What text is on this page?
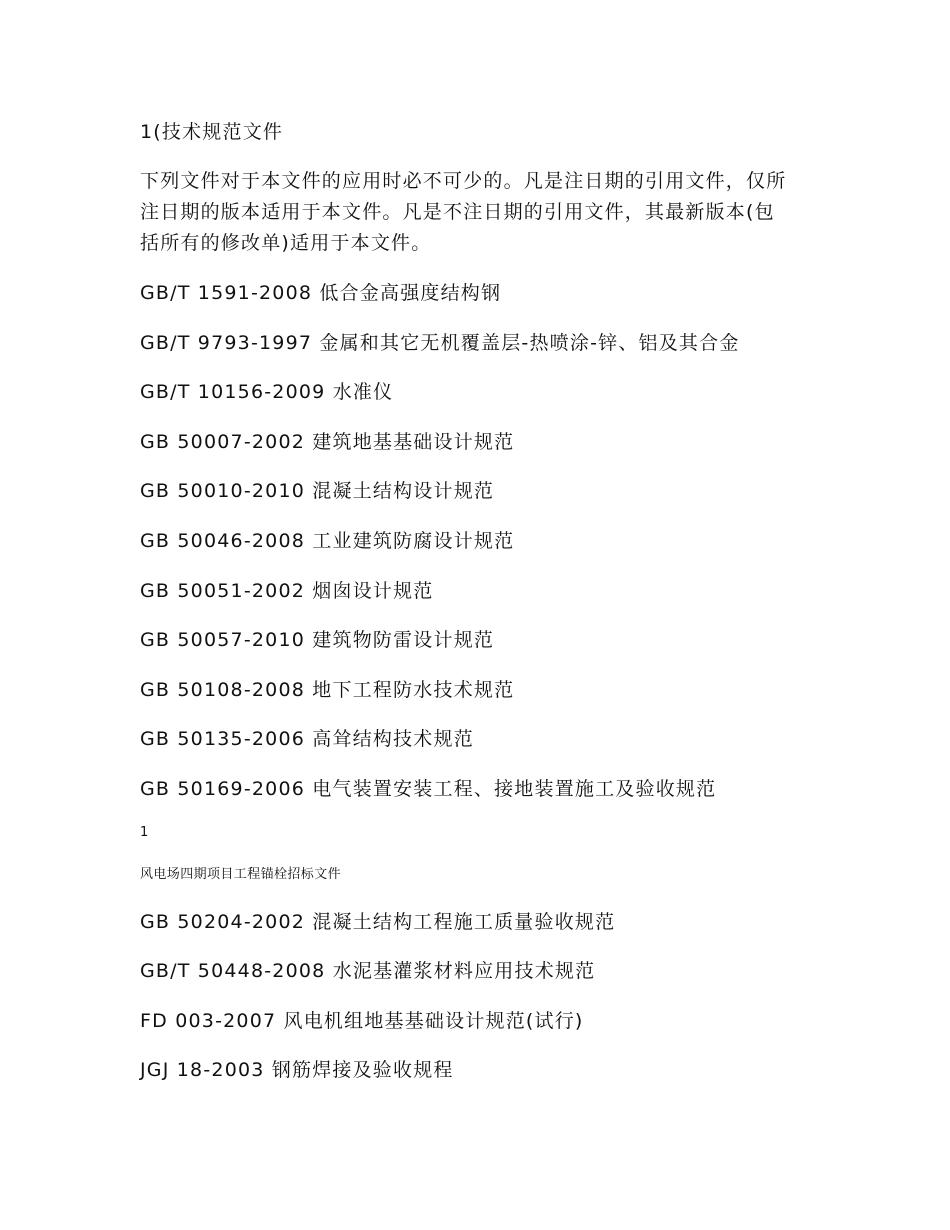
1(技术规范文件
下列文件对于本文件的应用时必不可少的。凡是注日期的引用文件，仅所
注日期的版本适用于本文件。凡是不注日期的引用文件，其最新版本(包
括所有的修改单)适用于本文件。
GB/T 1591-2008 低合金高强度结构钢
GB/T 9793-1997 金属和其它无机覆盖层-热喷涂-锌、铝及其合金
GB/T 10156-2009 水准仪
GB 50007-2002 建筑地基基础设计规范
GB 50010-2010 混凝土结构设计规范
GB 50046-2008 工业建筑防腐设计规范
GB 50051-2002 烟囱设计规范
GB 50057-2010 建筑物防雷设计规范
GB 50108-2008 地下工程防水技术规范
GB 50135-2006 高耸结构技术规范
GB 50169-2006 电气装置安装工程、接地装置施工及验收规范
1
风电场四期项目工程锚栓招标文件
GB 50204-2002 混凝土结构工程施工质量验收规范
GB/T 50448-2008 水泥基灌浆材料应用技术规范
FD 003-2007 风电机组地基基础设计规范(试行)
JGJ 18-2003 钢筋焊接及验收规程
